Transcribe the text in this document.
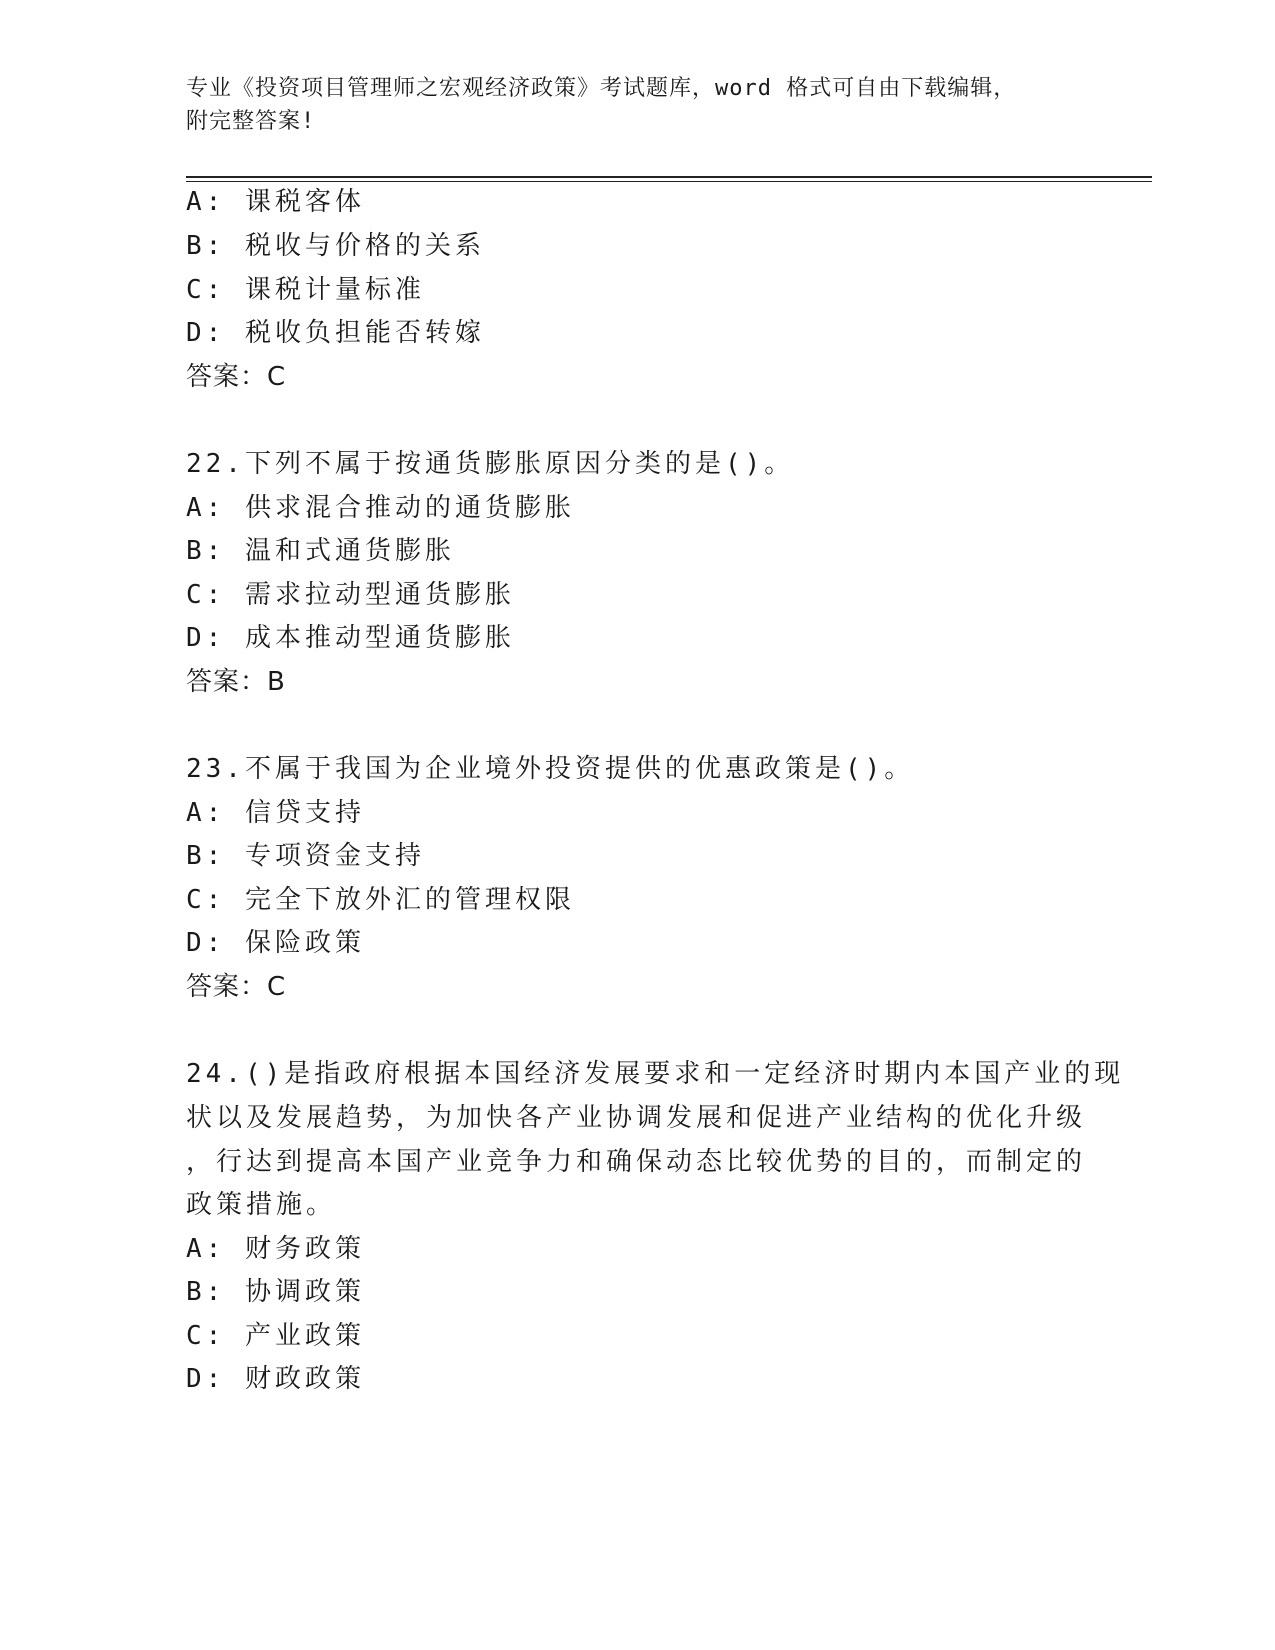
专业《投资项目管理师之宏观经济政策》考试题库，word 格式可自由下载编辑，
附完整答案!
A: 课税客体
B: 税收与价格的关系
C: 课税计量标准
D: 税收负担能否转嫁
答案：C
22.下列不属于按通货膨胀原因分类的是()。
A: 供求混合推动的通货膨胀
B: 温和式通货膨胀
C: 需求拉动型通货膨胀
D: 成本推动型通货膨胀
答案：B
23.不属于我国为企业境外投资提供的优惠政策是()。
A: 信贷支持
B: 专项资金支持
C: 完全下放外汇的管理权限
D: 保险政策
答案：C
24.()是指政府根据本国经济发展要求和一定经济时期内本国产业的现
状以及发展趋势，为加快各产业协调发展和促进产业结构的优化升级
，行达到提高本国产业竞争力和确保动态比较优势的目的，而制定的
政策措施。
A: 财务政策
B: 协调政策
C: 产业政策
D: 财政政策
